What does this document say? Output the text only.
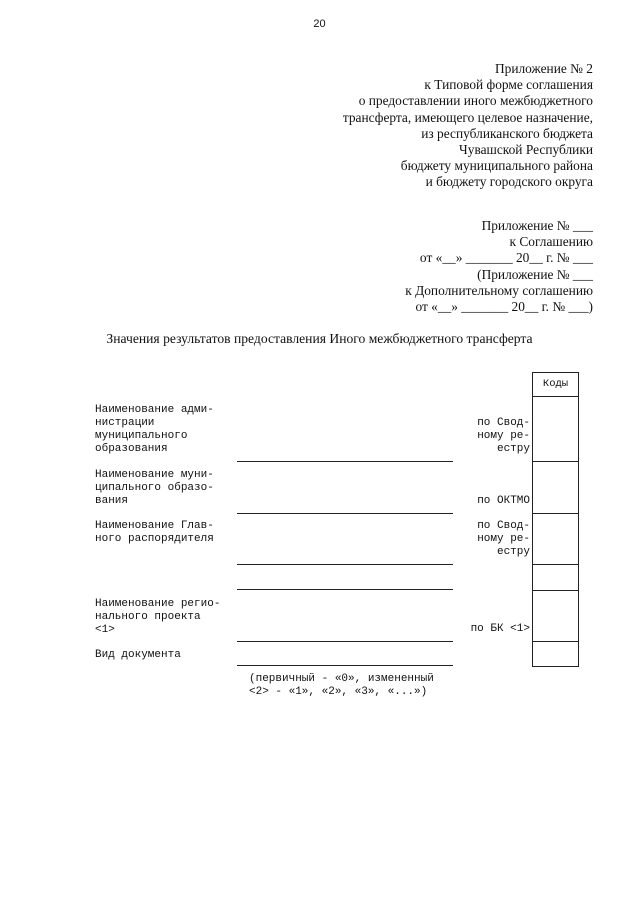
20
Приложение № 2
к Типовой форме соглашения
о предоставлении иного межбюджетного
трансферта, имеющего целевое назначение,
из республиканского бюджета
Чувашской Республики
бюджету муниципального района
и бюджету городского округа
Приложение № ___
к Соглашению
от «__» _______ 20__ г. № ___
(Приложение № ___
к Дополнительному соглашению
от «__» _______ 20__ г. № ___)
Значения результатов предоставления Иного межбюджетного трансферта
Наименование адми-
нистрации
муниципального
образования
Наименование муни-
ципального образо-
вания
Наименование Глав-
ного распорядителя
Наименование регио-
нального проекта
<1>
Вид документа
по Свод-
ному ре-
естру
по ОКТМО
по Свод-
ному ре-
естру
по БК <1>
Коды
(первичный - «0», измененный
<2> - «1», «2», «3», «...»)
